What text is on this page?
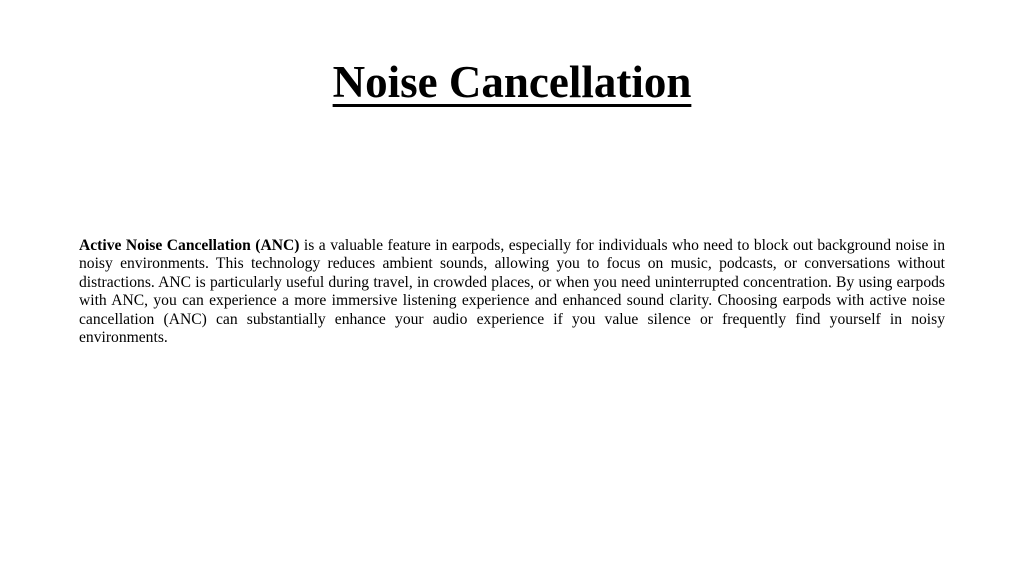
Noise Cancellation

Active Noise Cancellation (ANC) is a valuable feature in earpods, especially for individuals who need to block out background noise in noisy environments. This technology reduces ambient sounds, allowing you to focus on music, podcasts, or conversations without distractions. ANC is particularly useful during travel, in crowded places, or when you need uninterrupted concentration. By using earpods with ANC, you can experience a more immersive listening experience and enhanced sound clarity. Choosing earpods with active noise cancellation (ANC) can substantially enhance your audio experience if you value silence or frequently find yourself in noisy environments.
